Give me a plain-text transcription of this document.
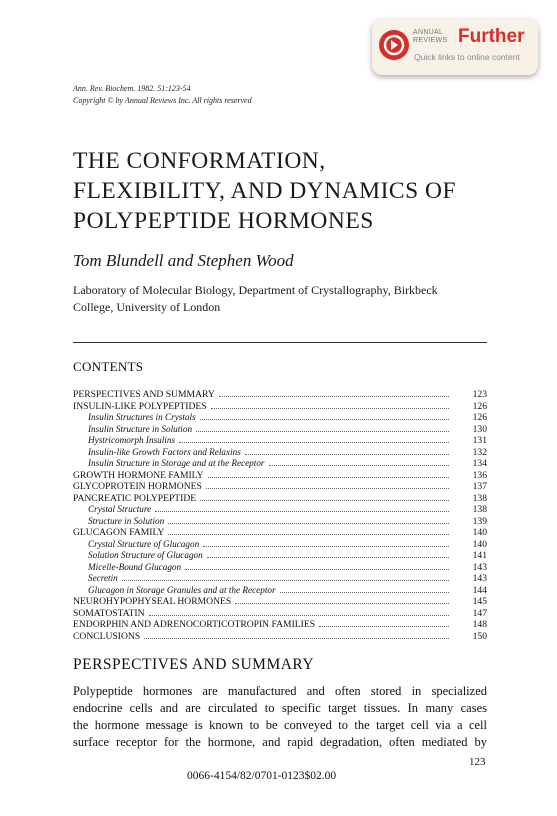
ANNUAL REVIEWS Further
Quick links to online content
Ann. Rev. Biochem. 1982. 51:123-54
Copyright © by Annual Reviews Inc. All rights reserved
THE CONFORMATION,
FLEXIBILITY, AND DYNAMICS OF
POLYPEPTIDE HORMONES
Tom Blundell and Stephen Wood
Laboratory of Molecular Biology, Department of Crystallography, Birkbeck
College, University of London
CONTENTS
PERSPECTIVES AND SUMMARY	123
INSULIN-LIKE POLYPEPTIDES	126
Insulin Structures in Crystals	126
Insulin Structure in Solution	130
Hystricomorph Insulins	131
Insulin-like Growth Factors and Relaxins	132
Insulin Structure in Storage and at the Receptor	134
GROWTH HORMONE FAMILY	136
GLYCOPROTEIN HORMONES	137
PANCREATIC POLYPEPTIDE	138
Crystal Structure	138
Structure in Solution	139
GLUCAGON FAMILY	140
Crystal Structure of Glucagon	140
Solution Structure of Glucagon	141
Micelle-Bound Glucagon	143
Secretin	143
Glucagon in Storage Granules and at the Receptor	144
NEUROHYPOPHYSEAL HORMONES	145
SOMATOSTATIN	147
ENDORPHIN AND ADRENOCORTICOTROPIN FAMILIES	148
CONCLUSIONS	150
PERSPECTIVES AND SUMMARY
Polypeptide hormones are manufactured and often stored in specialized
endocrine cells and are circulated to specific target tissues. In many cases
the hormone message is known to be conveyed to the target cell via a cell
surface receptor for the hormone, and rapid degradation, often mediated by
123
0066-4154/82/0701-0123$02.00
